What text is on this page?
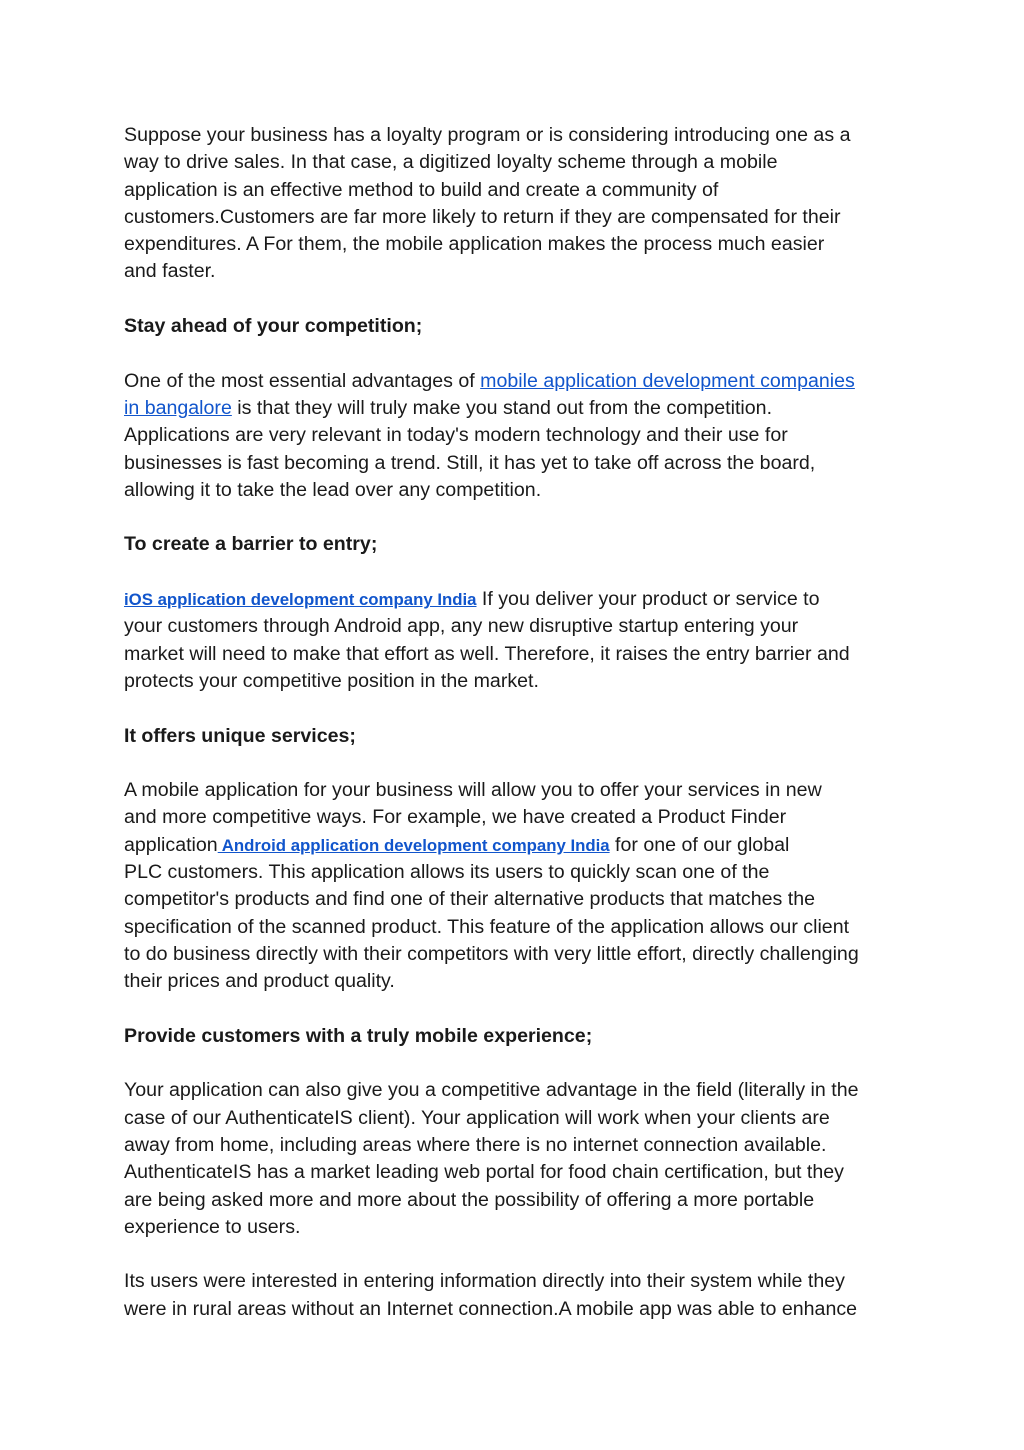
Suppose your business has a loyalty program or is considering introducing one as a
way to drive sales. In that case, a digitized loyalty scheme through a mobile
application is an effective method to build and create a community of
customers.Customers are far more likely to return if they are compensated for their
expenditures. A For them, the mobile application makes the process much easier
and faster.
Stay ahead of your competition;
One of the most essential advantages of mobile application development companies
in bangalore is that they will truly make you stand out from the competition.
Applications are very relevant in today's modern technology and their use for
businesses is fast becoming a trend. Still, it has yet to take off across the board,
allowing it to take the lead over any competition.
To create a barrier to entry;
iOS application development company India If you deliver your product or service to
your customers through Android app, any new disruptive startup entering your
market will need to make that effort as well. Therefore, it raises the entry barrier and
protects your competitive position in the market.
It offers unique services;
A mobile application for your business will allow you to offer your services in new
and more competitive ways. For example, we have created a Product Finder
application Android application development company India for one of our global
PLC customers. This application allows its users to quickly scan one of the
competitor's products and find one of their alternative products that matches the
specification of the scanned product. This feature of the application allows our client
to do business directly with their competitors with very little effort, directly challenging
their prices and product quality.
Provide customers with a truly mobile experience;
Your application can also give you a competitive advantage in the field (literally in the
case of our AuthenticateIS client). Your application will work when your clients are
away from home, including areas where there is no internet connection available.
AuthenticateIS has a market leading web portal for food chain certification, but they
are being asked more and more about the possibility of offering a more portable
experience to users.
Its users were interested in entering information directly into their system while they
were in rural areas without an Internet connection.A mobile app was able to enhance
